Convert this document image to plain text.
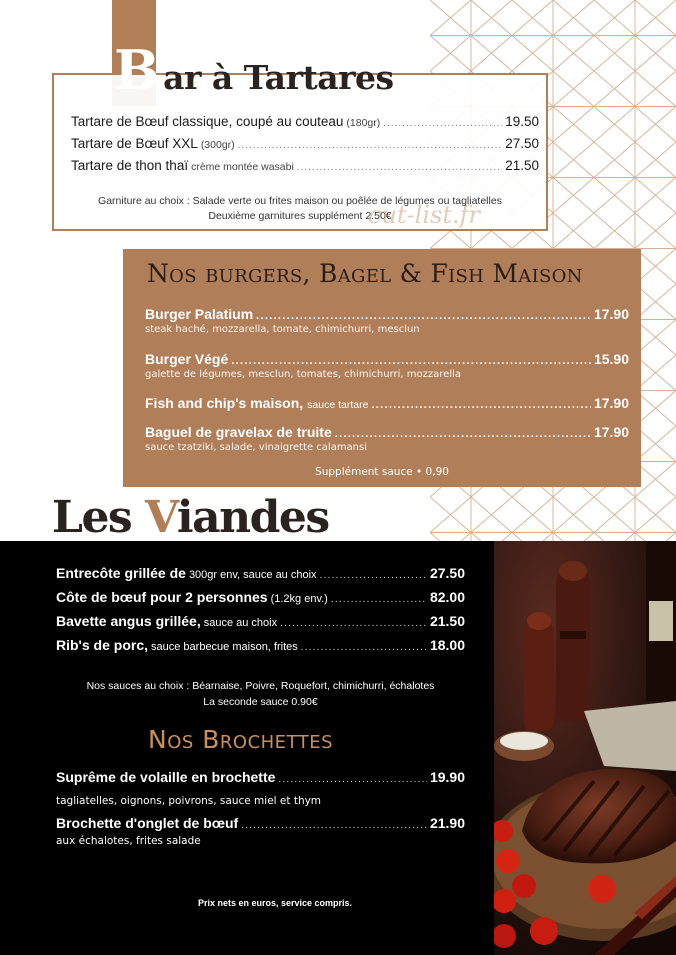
Bar à Tartares
Tartare de Bœuf classique, coupé au couteau (180gr) .....	19.50
Tartare de Bœuf XXL (300gr) .....	27.50
Tartare de thon thaï crème montée wasabi .....	21.50
Garniture au choix : Salade verte ou frites maison ou poêlée de légumes ou tagliatelles
Deuxième garnitures supplément 2.50€
cut-list.fr
Nos burgers, Bagel & Fish Maison
Burger Palatium .....	17.90
steak haché, mozzarella, tomate, chimichurri, mesclun
Burger Végé .....	15.90
galette de légumes, mesclun, tomates, chimichurri, mozzarella
Fish and chip's maison, sauce tartare .....	17.90
Baguel de gravelax de truite .....	17.90
sauce tzatziki, salade, vinaigrette calamansi
Supplément sauce • 0,90
Les Viandes
Entrecôte grillée de 300gr env, sauce au choix .....	27.50
Côte de bœuf pour 2 personnes (1.2kg env.) .....	82.00
Bavette angus grillée, sauce au choix .....	21.50
Rib's de porc, sauce barbecue maison, frites .....	18.00
Nos sauces au choix : Béarnaise, Poivre, Roquefort, chimichurri, échalotes
La seconde sauce 0.90€
Nos Brochettes
Suprême de volaille en brochette .....	19.90
tagliatelles, oignons, poivrons, sauce miel et thym
Brochette d'onglet de bœuf .....	21.90
aux échalotes, frites salade
Prix nets en euros, service compris.
